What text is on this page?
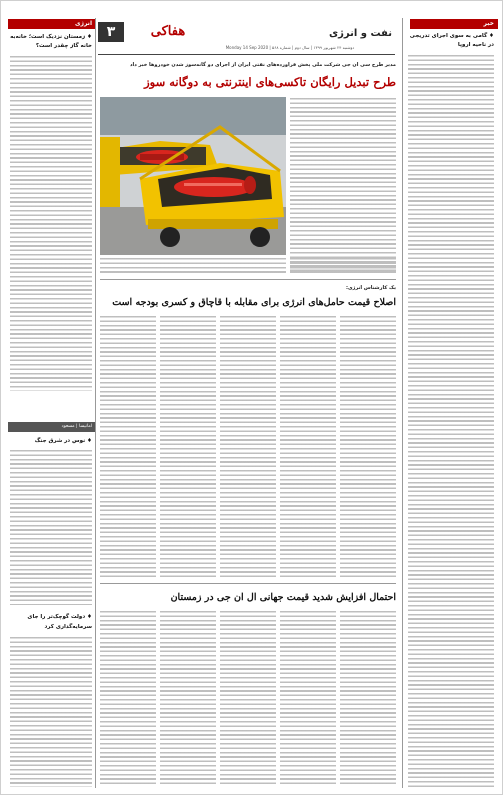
۳	هفاکی	نفت و انرژی
دوشنبه ۲۴ شهریور ۱۳۹۹ | سال دوم | شماره ۵۶۸ | Monday 14 Sep 2020
انرژی
♦ زمستان نزدیک است؛ خانه‌به خانه گاز چقدر است؟
امانیسا | مسعود
♦ نوس در شرق جنگ
♦ دولت گوچک‌تر را جای سرمایه‌گذاری کرد
خبر
♦ گامی به سوی اجرای تدریجی در ناحیه اروپا
مدیر طرح سی ان جی شرکت ملی پخش فراورده‌های نفتی ایران از اجرای دو گانه‌سوز شدن خودروها خبر داد
طرح تبدیل رایگان تاکسی‌های اینترنتی به دوگانه سوز
یک کارشناس انرژی:
اصلاح قیمت حامل‌های انرژی برای مقابله با قاچاق و کسری بودجه است
احتمال افزایش شدید قیمت جهانی ال ان جی در زمستان
